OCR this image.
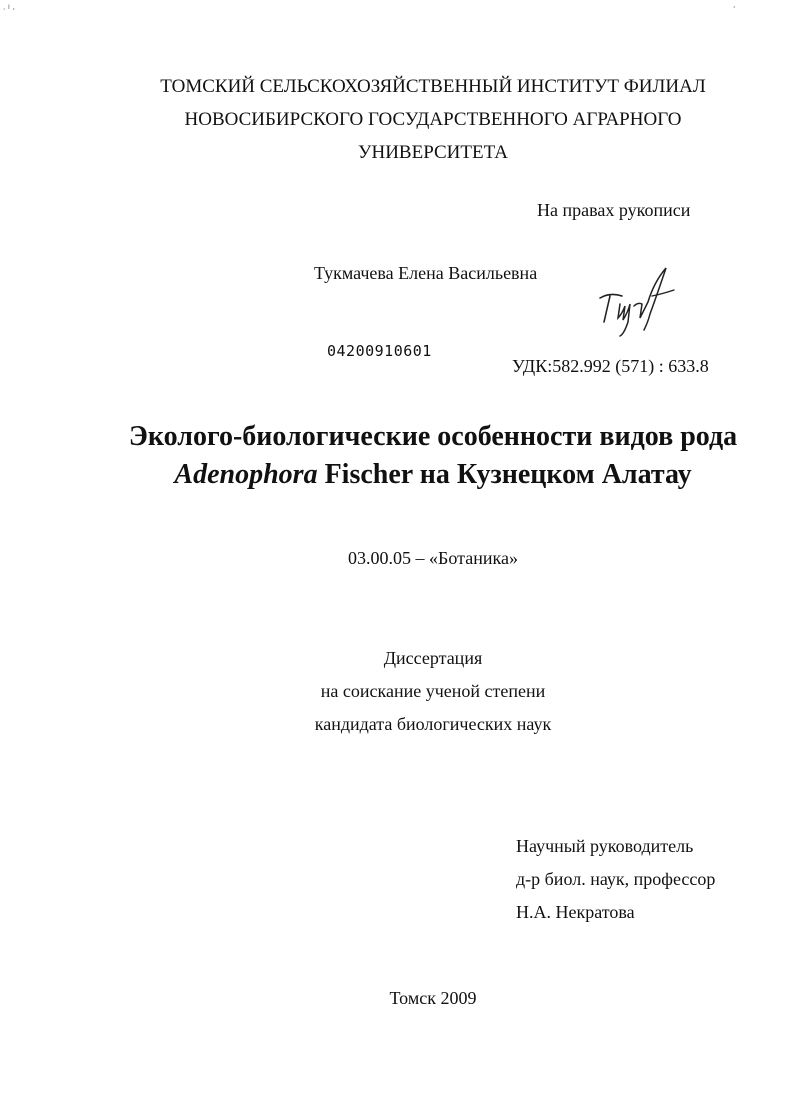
ˌ ı ,	,
ТОМСКИЙ СЕЛЬСКОХОЗЯЙСТВЕННЫЙ ИНСТИТУТ ФИЛИАЛ
НОВОСИБИРСКОГО ГОСУДАРСТВЕННОГО АГРАРНОГО
УНИВЕРСИТЕТА
На правах рукописи
Тукмачева Елена Васильевна
04200910601
УДК:582.992 (571) : 633.8
Эколого-биологические особенности видов рода
Adenophora Fischer на Кузнецком Алатау
03.00.05 – «Ботаника»
Диссертация
на соискание ученой степени
кандидата биологических наук
Научный руководитель
д-р биол. наук, профессор
Н.А. Некратова
Томск 2009
